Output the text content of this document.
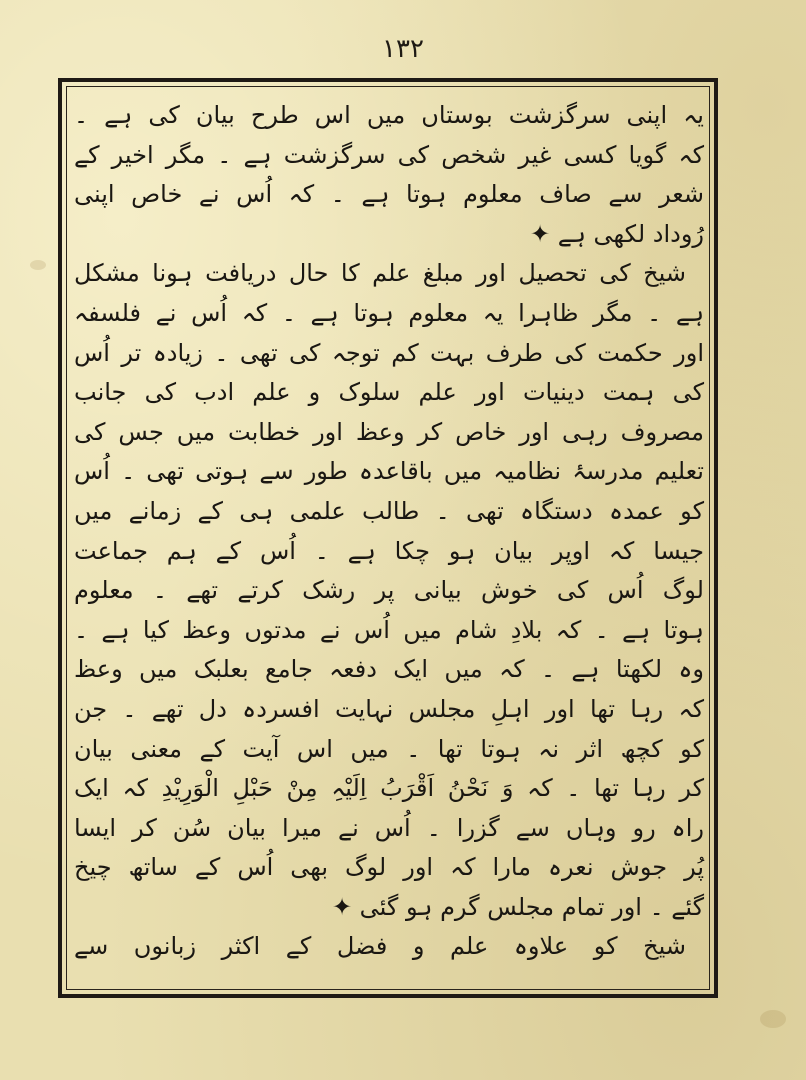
۱۳۲
یہ اپنی سرگزشت بوستاں میں اس طرح بیان کی ہے ۔
کہ گویا کسی غیر شخص کی سرگزشت ہے ۔ مگر اخیر کے
شعر سے صاف معلوم ہوتا ہے ۔ کہ اُس نے خاص اپنی
رُوداد لکھی ہے ✦
شیخ کی تحصیل اور مبلغ علم کا حال دریافت ہونا مشکل
ہے ۔ مگر ظاہرا یہ معلوم ہوتا ہے ۔ کہ اُس نے فلسفہ
اور حکمت کی طرف بہت کم توجہ کی تھی ۔ زیادہ تر اُس
کی ہمت دینیات اور علم سلوک و علم ادب کی جانب
مصروف رہی اور خاص کر وعظ اور خطابت میں جس کی
تعلیم مدرسۂ نظامیہ میں باقاعدہ طور سے ہوتی تھی ۔ اُس
کو عمدہ دستگاہ تھی ۔ طالب علمی ہی کے زمانے میں
جیسا کہ اوپر بیان ہو چکا ہے ۔ اُس کے ہم جماعت
لوگ اُس کی خوش بیانی پر رشک کرتے تھے ۔ معلوم
ہوتا ہے ۔ کہ بلادِ شام میں اُس نے مدتوں وعظ کیا ہے ۔
وہ لکھتا ہے ۔ کہ میں ایک دفعہ جامع بعلبک میں وعظ
کہ رہا تھا اور اہلِ مجلس نہایت افسردہ دل تھے ۔ جن
کو کچھ اثر نہ ہوتا تھا ۔ میں اس آیت کے معنی بیان
کر رہا تھا ۔ کہ وَ نَحْنُ اَقْرَبُ اِلَیْہِ مِنْ حَبْلِ الْوَرِیْدِ کہ ایک
راہ رو وہاں سے گزرا ۔ اُس نے میرا بیان سُن کر ایسا
پُر جوش نعرہ مارا کہ اور لوگ بھی اُس کے ساتھ چیخ
گئے ۔ اور تمام مجلس گرم ہو گئی ✦
شیخ کو علاوہ علم و فضل کے اکثر زبانوں سے
